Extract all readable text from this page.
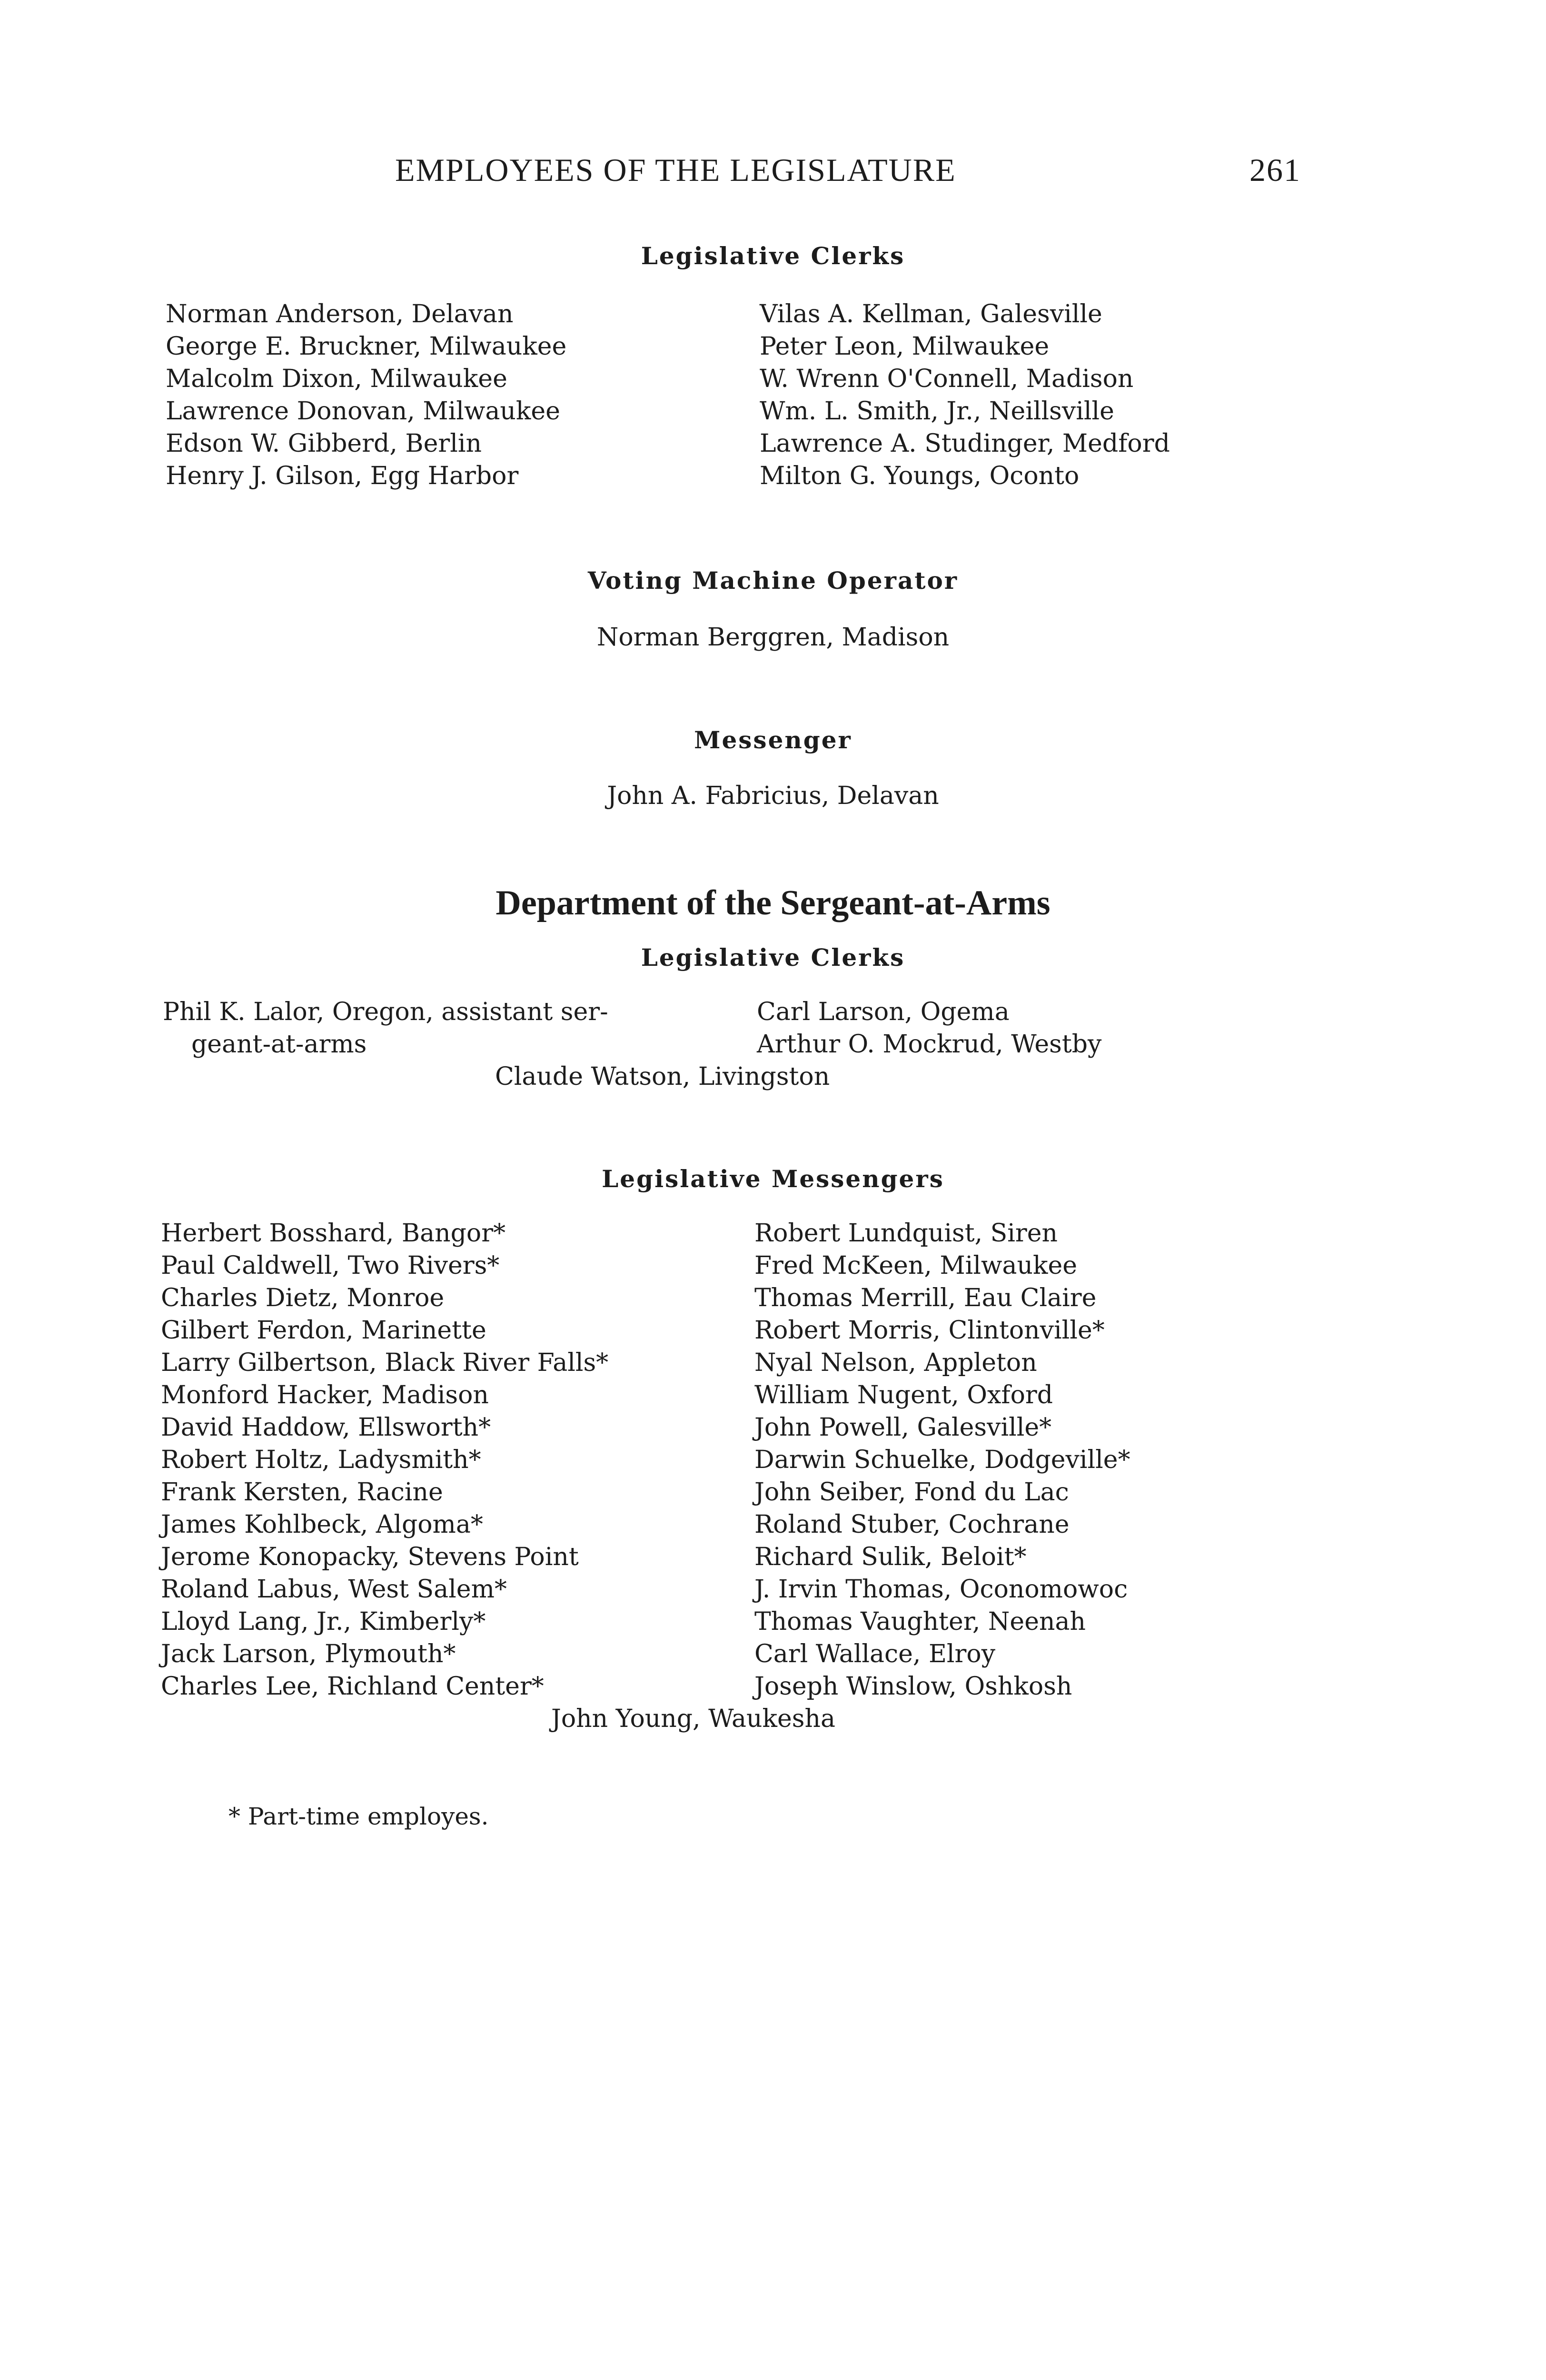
EMPLOYEES OF THE LEGISLATURE	261
Legislative Clerks
Norman Anderson, Delavan
George E. Bruckner, Milwaukee
Malcolm Dixon, Milwaukee
Lawrence Donovan, Milwaukee
Edson W. Gibberd, Berlin
Henry J. Gilson, Egg Harbor
Vilas A. Kellman, Galesville
Peter Leon, Milwaukee
W. Wrenn O'Connell, Madison
Wm. L. Smith, Jr., Neillsville
Lawrence A. Studinger, Medford
Milton G. Youngs, Oconto
Voting Machine Operator
Norman Berggren, Madison
Messenger
John A. Fabricius, Delavan
Department of the Sergeant-at-Arms
Legislative Clerks
Phil K. Lalor, Oregon, assistant ser-
geant-at-arms
Carl Larson, Ogema
Arthur O. Mockrud, Westby
Claude Watson, Livingston
Legislative Messengers
Herbert Bosshard, Bangor*
Paul Caldwell, Two Rivers*
Charles Dietz, Monroe
Gilbert Ferdon, Marinette
Larry Gilbertson, Black River Falls*
Monford Hacker, Madison
David Haddow, Ellsworth*
Robert Holtz, Ladysmith*
Frank Kersten, Racine
James Kohlbeck, Algoma*
Jerome Konopacky, Stevens Point
Roland Labus, West Salem*
Lloyd Lang, Jr., Kimberly*
Jack Larson, Plymouth*
Charles Lee, Richland Center*
Robert Lundquist, Siren
Fred McKeen, Milwaukee
Thomas Merrill, Eau Claire
Robert Morris, Clintonville*
Nyal Nelson, Appleton
William Nugent, Oxford
John Powell, Galesville*
Darwin Schuelke, Dodgeville*
John Seiber, Fond du Lac
Roland Stuber, Cochrane
Richard Sulik, Beloit*
J. Irvin Thomas, Oconomowoc
Thomas Vaughter, Neenah
Carl Wallace, Elroy
Joseph Winslow, Oshkosh
John Young, Waukesha
* Part-time employes.
